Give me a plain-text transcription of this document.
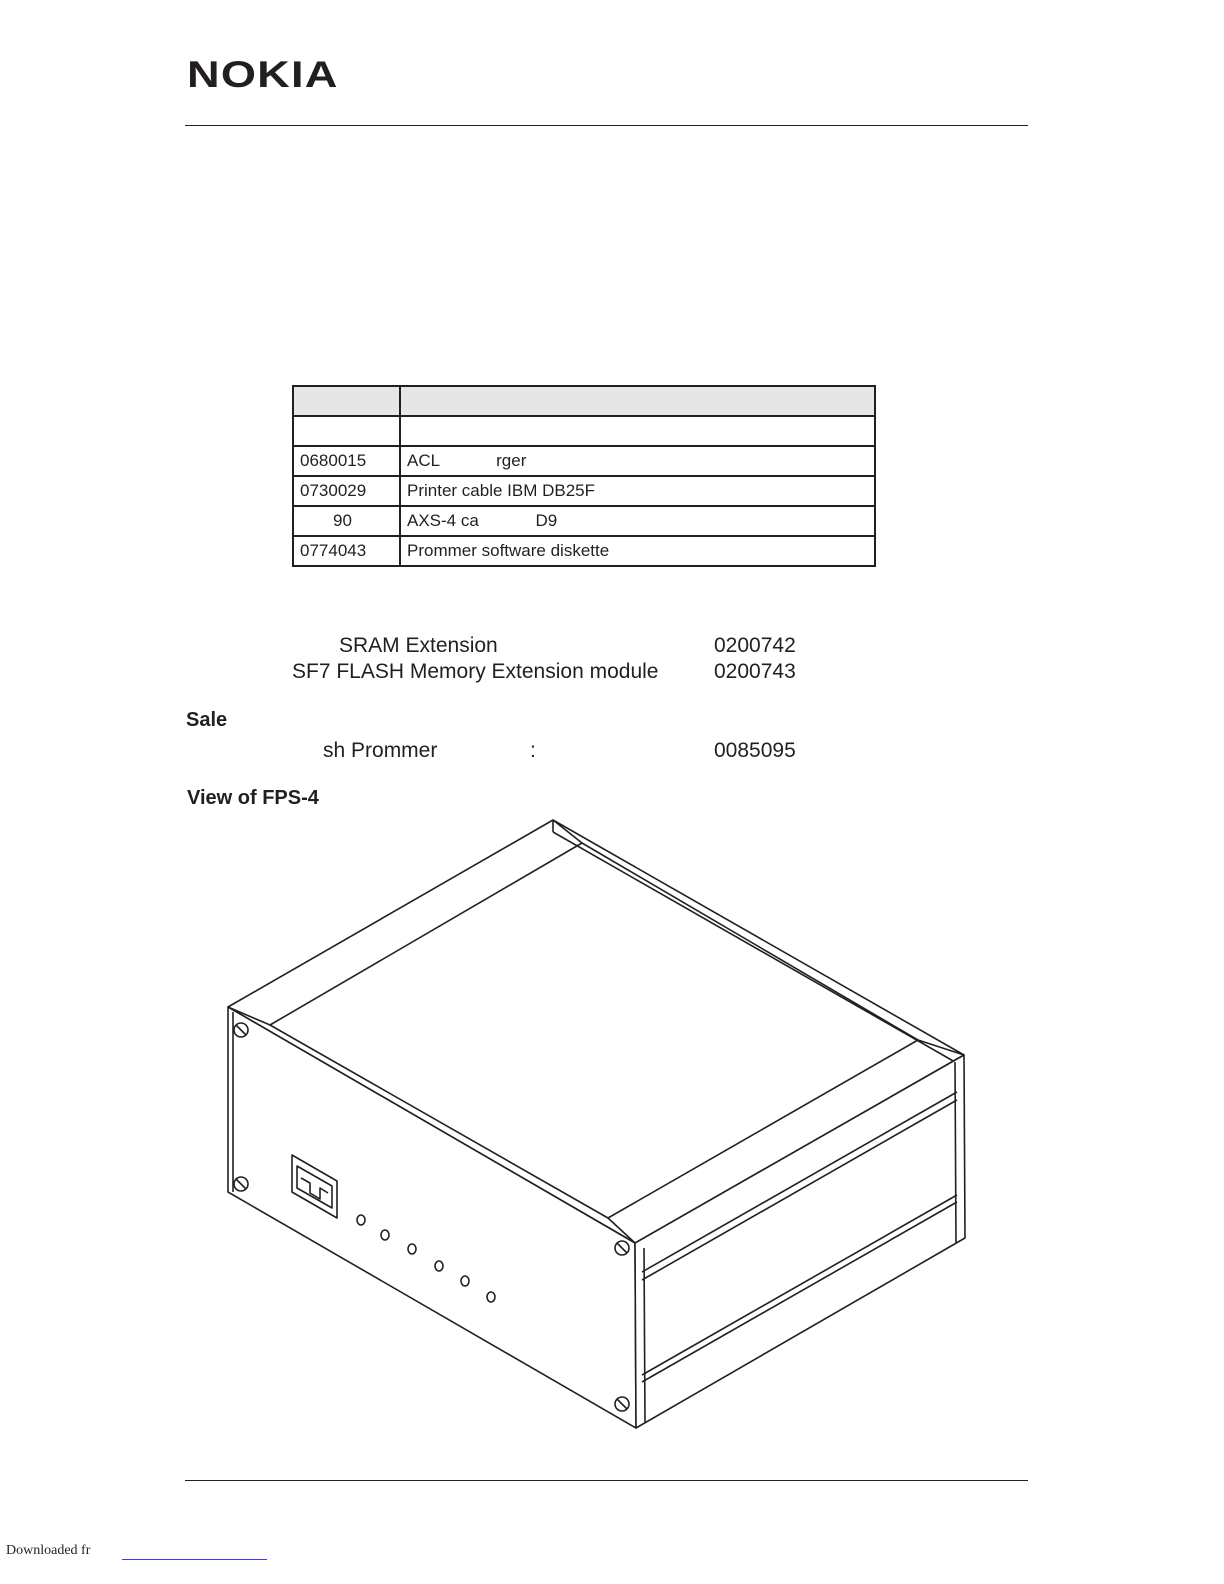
NOKIA

0680015	ACL            rger
0730029	Printer cable IBM DB25F
90	AXS-4 ca            D9
0774043	Prommer software diskette
SRAM Extension	0200742
SF7 FLASH Memory Extension module	0200743
Sale
sh Prommer	:	0085095
View of FPS-4
Downloaded fr
